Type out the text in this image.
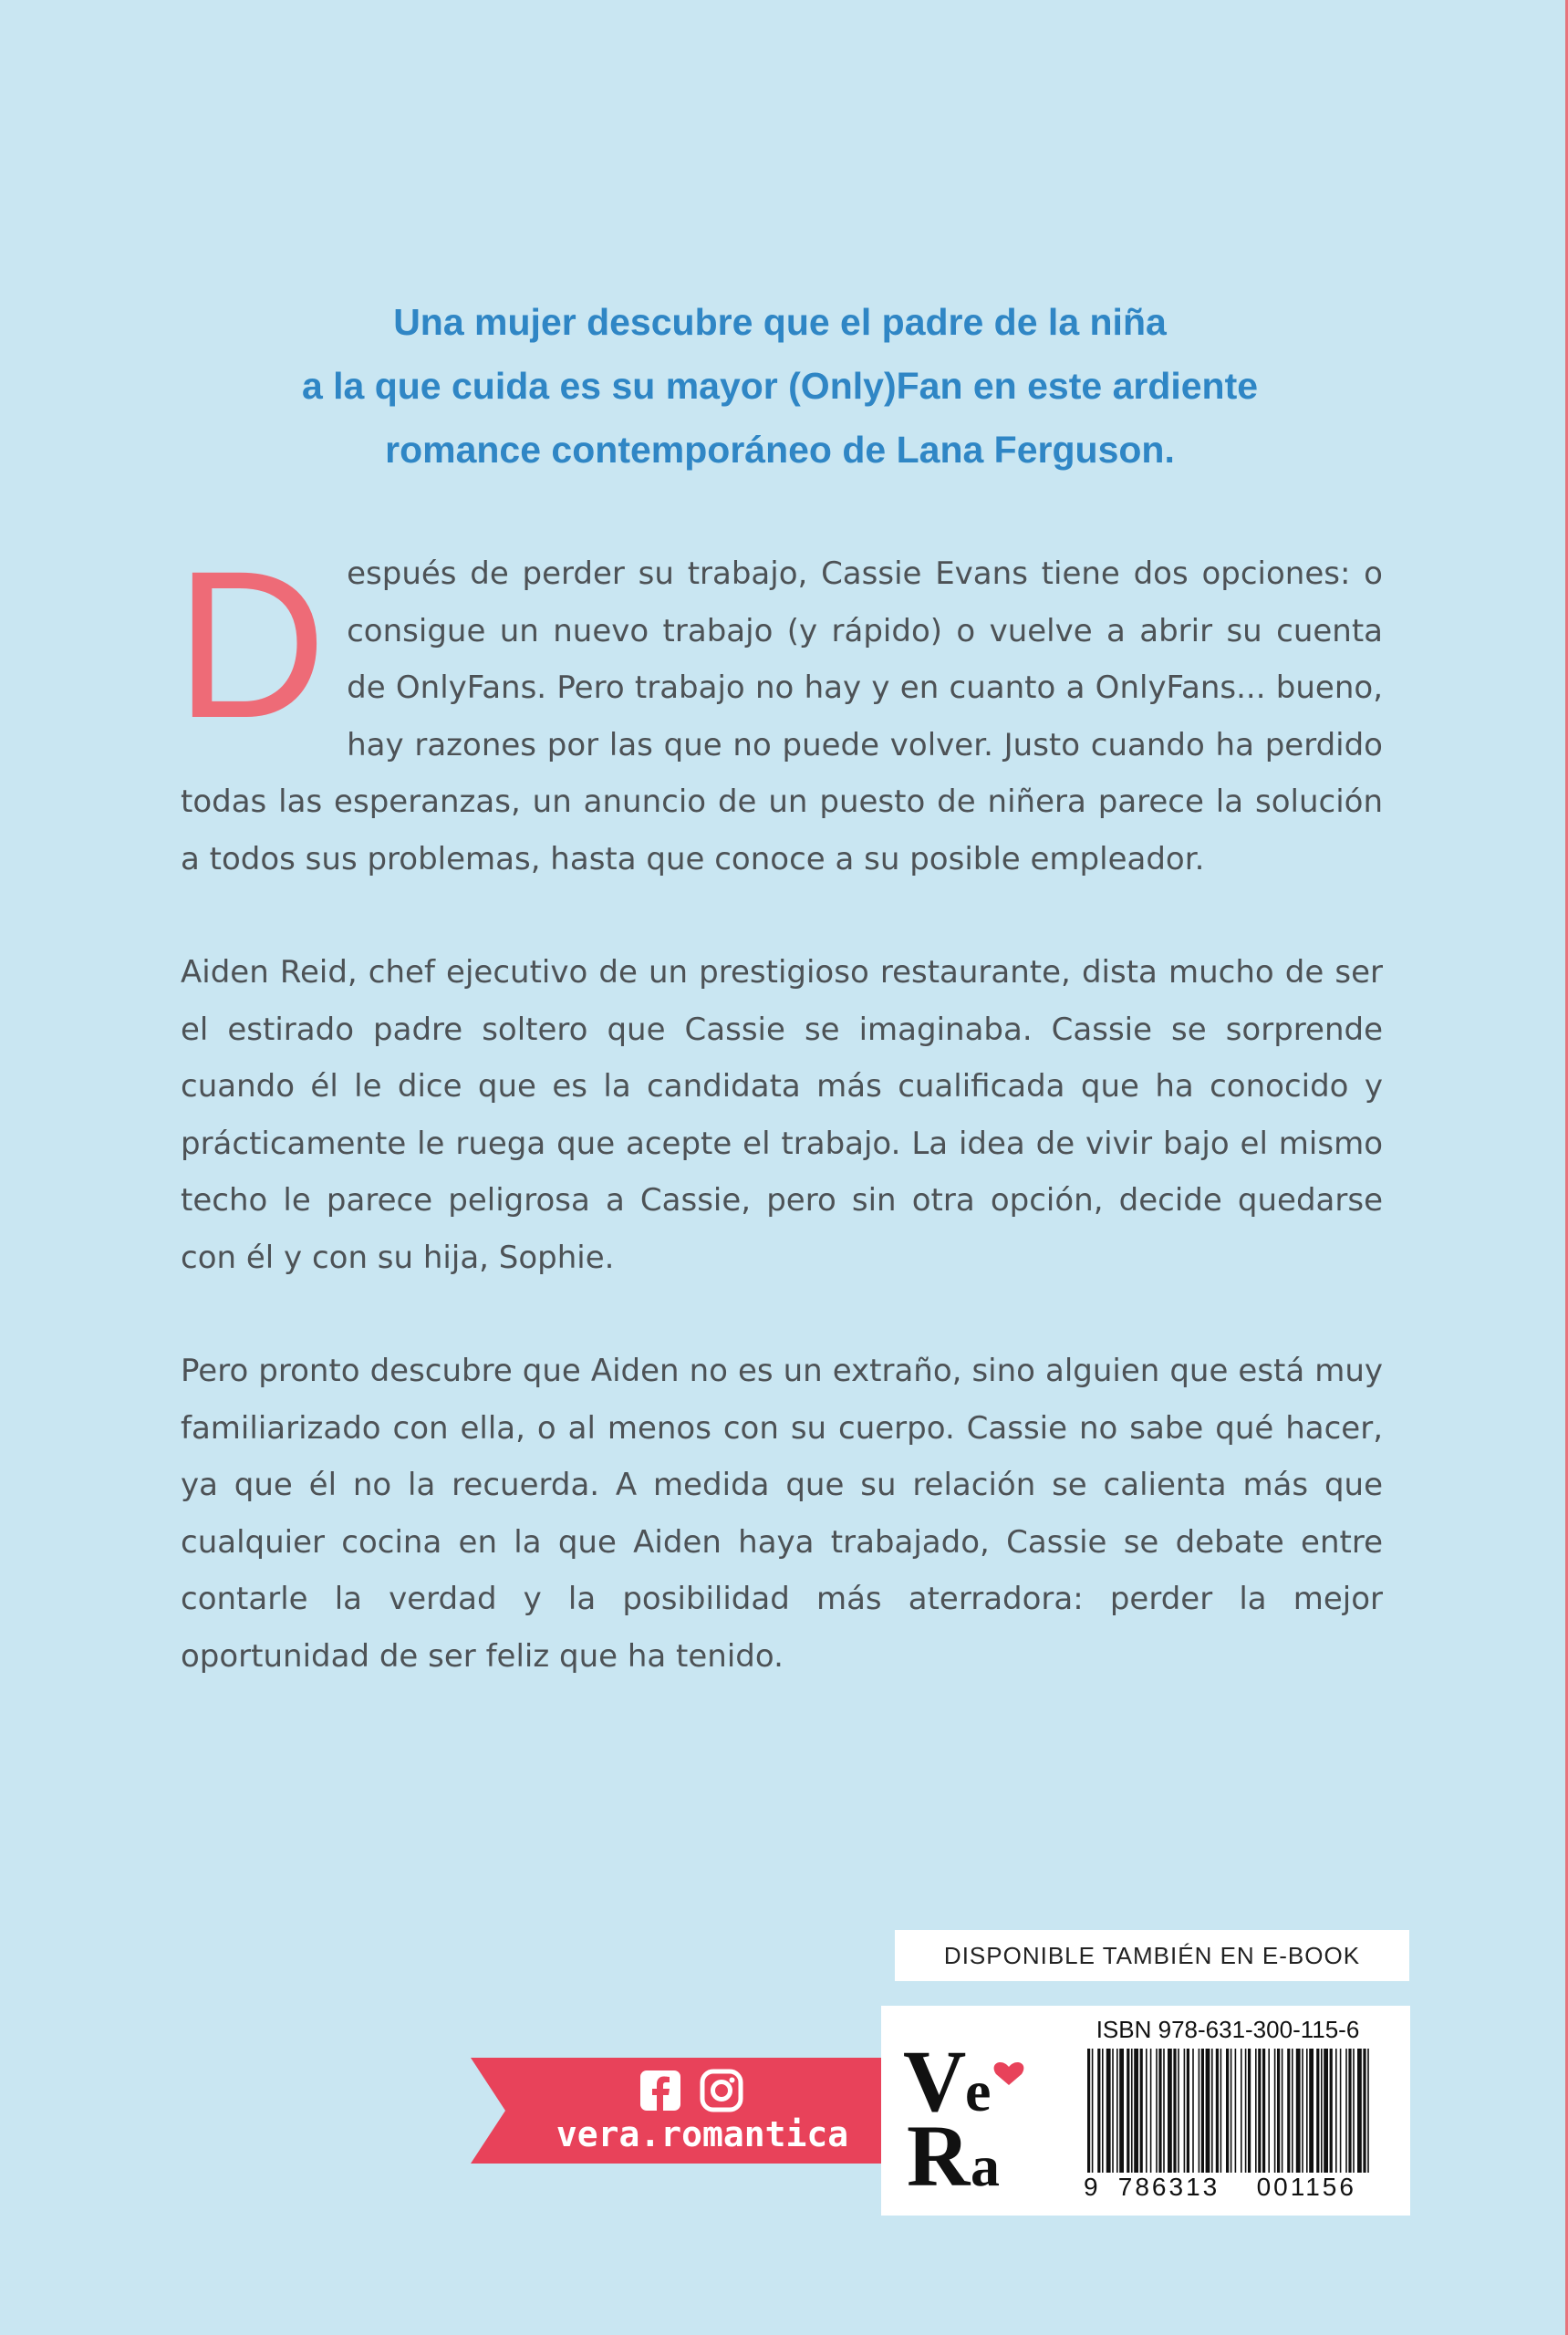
Una mujer descubre que el padre de la niña
a la que cuida es su mayor (Only)Fan en este ardiente
romance contemporáneo de Lana Ferguson.

Después de perder su trabajo, Cassie Evans tiene dos opciones: o consigue un nuevo trabajo (y rápido) o vuelve a abrir su cuenta de OnlyFans. Pero trabajo no hay y en cuanto a OnlyFans... bueno, hay razones por las que no puede volver. Justo cuando ha perdido todas las esperanzas, un anuncio de un puesto de niñera parece la solución a todos sus problemas, hasta que conoce a su posible empleador.

Aiden Reid, chef ejecutivo de un prestigioso restaurante, dista mucho de ser el estirado padre soltero que Cassie se imaginaba. Cassie se sorprende cuando él le dice que es la candidata más cualificada que ha conocido y prácticamente le ruega que acepte el trabajo. La idea de vivir bajo el mismo techo le parece peligrosa a Cassie, pero sin otra opción, decide quedarse con él y con su hija, Sophie.

Pero pronto descubre que Aiden no es un extraño, sino alguien que está muy familiarizado con ella, o al menos con su cuerpo. Cassie no sabe qué hacer, ya que él no la recuerda. A medida que su relación se calienta más que cualquier cocina en la que Aiden haya trabajado, Cassie se debate entre contarle la verdad y la posibilidad más aterradora: perder la mejor oportunidad de ser feliz que ha tenido.

DISPONIBLE TAMBIÉN EN E-BOOK
vera.romantica
V
e
R a
ISBN 978-631-300-115-6
9 786313 001156
